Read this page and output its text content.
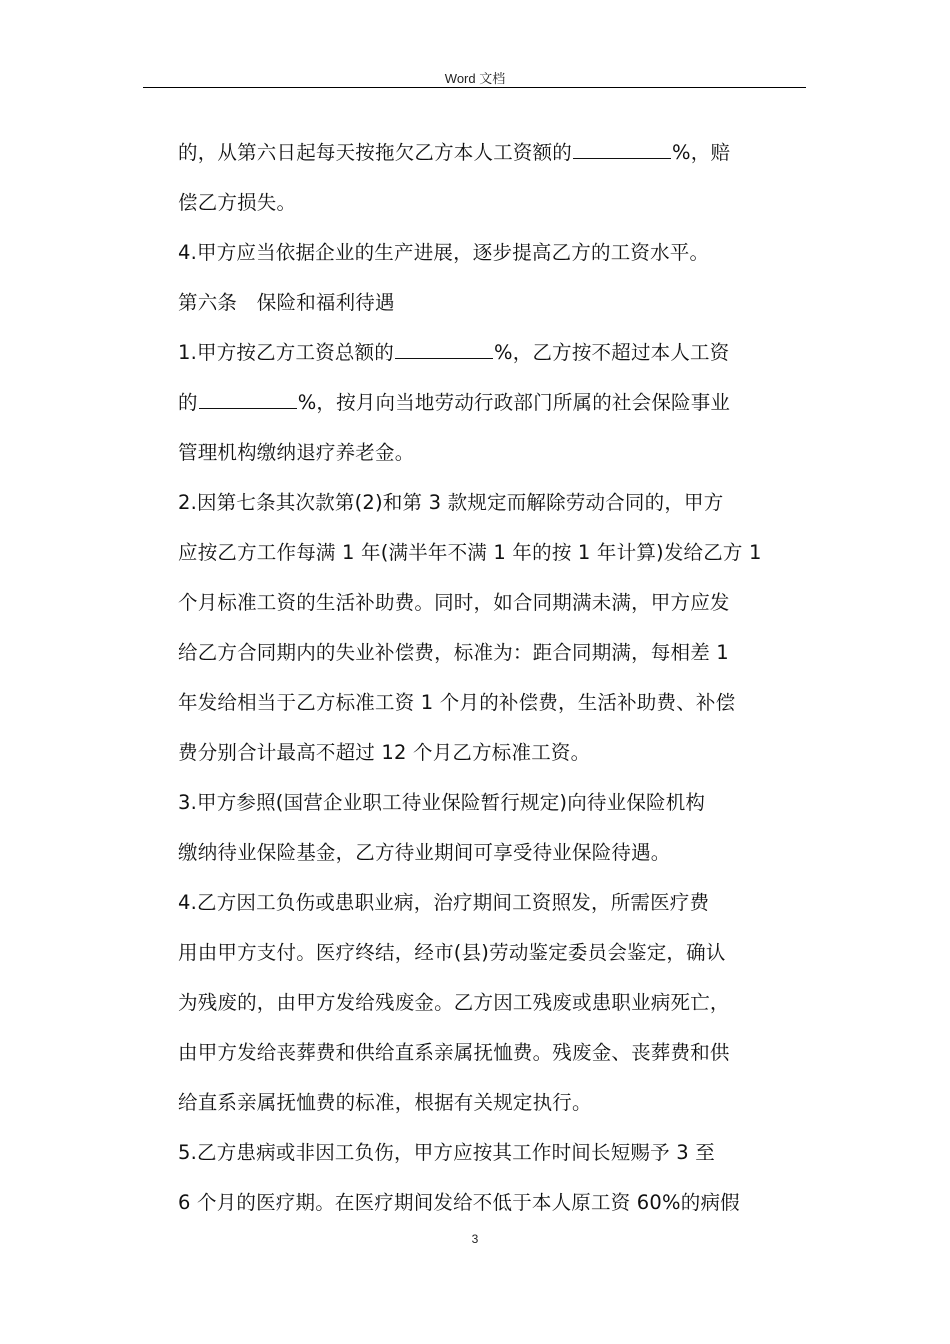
Word 文档
的，从第六日起每天按拖欠乙方本人工资额的	%，赔
偿乙方损失。
4.甲方应当依据企业的生产进展，逐步提高乙方的工资水平。
第六条　保险和福利待遇
1.甲方按乙方工资总额的	%，乙方按不超过本人工资
的	%，按月向当地劳动行政部门所属的社会保险事业
管理机构缴纳退疗养老金。
2.因第七条其次款第(2)和第 3 款规定而解除劳动合同的，甲方
应按乙方工作每满 1 年(满半年不满 1 年的按 1 年计算)发给乙方 1
个月标准工资的生活补助费。同时，如合同期满未满，甲方应发
给乙方合同期内的失业补偿费，标准为：距合同期满，每相差 1
年发给相当于乙方标准工资 1 个月的补偿费，生活补助费、补偿
费分别合计最高不超过 12 个月乙方标准工资。
3.甲方参照(国营企业职工待业保险暂行规定)向待业保险机构
缴纳待业保险基金，乙方待业期间可享受待业保险待遇。
4.乙方因工负伤或患职业病，治疗期间工资照发，所需医疗费
用由甲方支付。医疗终结，经市(县)劳动鉴定委员会鉴定，确认
为残废的，由甲方发给残废金。乙方因工残废或患职业病死亡，
由甲方发给丧葬费和供给直系亲属抚恤费。残废金、丧葬费和供
给直系亲属抚恤费的标准，根据有关规定执行。
5.乙方患病或非因工负伤，甲方应按其工作时间长短赐予 3 至
6 个月的医疗期。在医疗期间发给不低于本人原工资 60%的病假
3
